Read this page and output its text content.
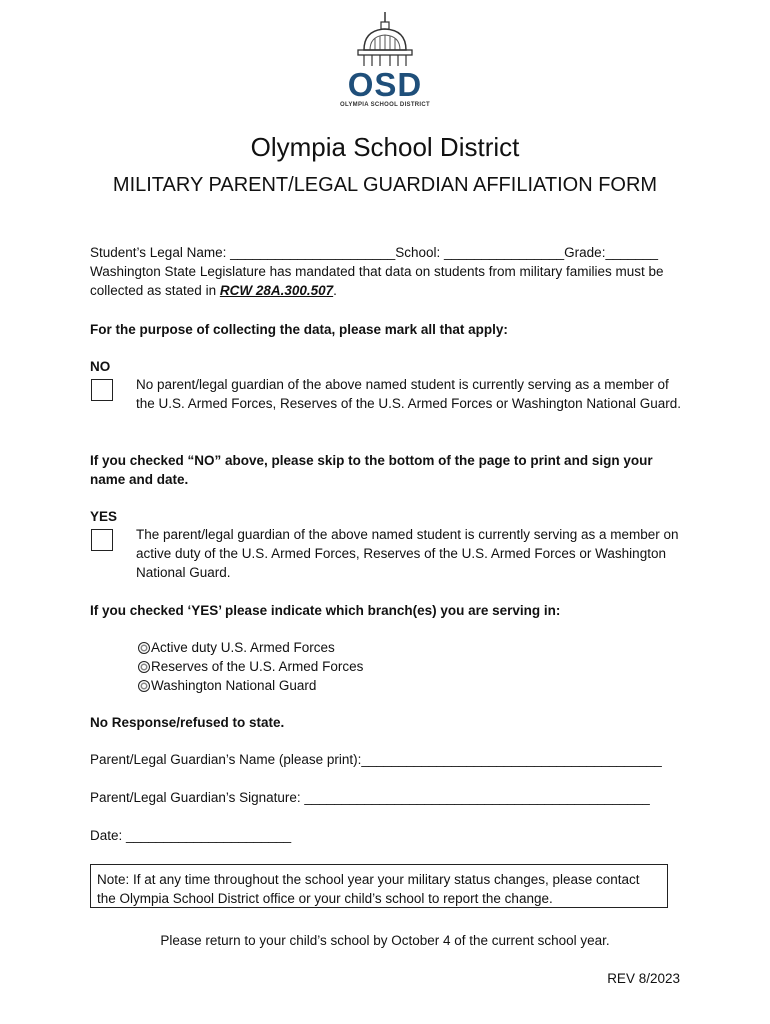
OSD
OLYMPIA SCHOOL DISTRICT
Olympia School District
MILITARY PARENT/LEGAL GUARDIAN AFFILIATION FORM
Student’s Legal Name: ______________________School: ________________Grade:_______
Washington State Legislature has mandated that data on students from military families must be collected as stated in RCW 28A.300.507.
For the purpose of collecting the data, please mark all that apply:
NO
No parent/legal guardian of the above named student is currently serving as a member of the U.S. Armed Forces, Reserves of the U.S. Armed Forces or Washington National Guard.
If you checked “NO” above, please skip to the bottom of the page to print and sign your name and date.
YES
The parent/legal guardian of the above named student is currently serving as a member on active duty of the U.S. Armed Forces, Reserves of the U.S. Armed Forces or Washington National Guard.
If you checked ‘YES’ please indicate which branch(es) you are serving in:
Active duty U.S. Armed Forces
Reserves of the U.S. Armed Forces
Washington National Guard
No Response/refused to state.
Parent/Legal Guardian’s Name (please print):________________________________________
Parent/Legal Guardian’s Signature: ______________________________________________
Date: ______________________
Note: If at any time throughout the school year your military status changes, please contact the Olympia School District office or your child’s school to report the change.
Please return to your child’s school by October 4 of the current school year.
REV 8/2023
